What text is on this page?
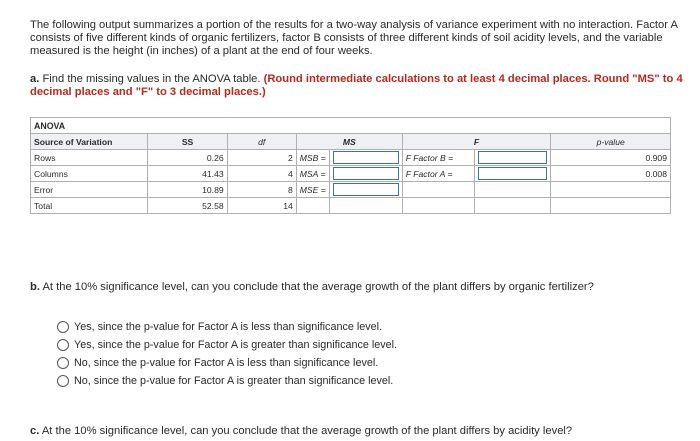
The following output summarizes a portion of the results for a two-way analysis of variance experiment with no interaction. Factor A consists of five different kinds of organic fertilizers, factor B consists of three different kinds of soil acidity levels, and the variable measured is the height (in inches) of a plant at the end of four weeks.
a. Find the missing values in the ANOVA table. (Round intermediate calculations to at least 4 decimal places. Round "MS" to 4 decimal places and "F" to 3 decimal places.)
ANOVA							
Source of Variation	SS	df	MS		F		p-value
Rows	0.26	2	MSB =		F Factor B =		0.909
Columns	41.43	4	MSA =		F Factor A =		0.008
Error	10.89	8	MSE =	

Total	52.58	14					
b. At the 10% significance level, can you conclude that the average growth of the plant differs by organic fertilizer?
Yes, since the p-value for Factor A is less than significance level.
Yes, since the p-value for Factor A is greater than significance level.
No, since the p-value for Factor A is less than significance level.
No, since the p-value for Factor A is greater than significance level.
c. At the 10% significance level, can you conclude that the average growth of the plant differs by acidity level?
